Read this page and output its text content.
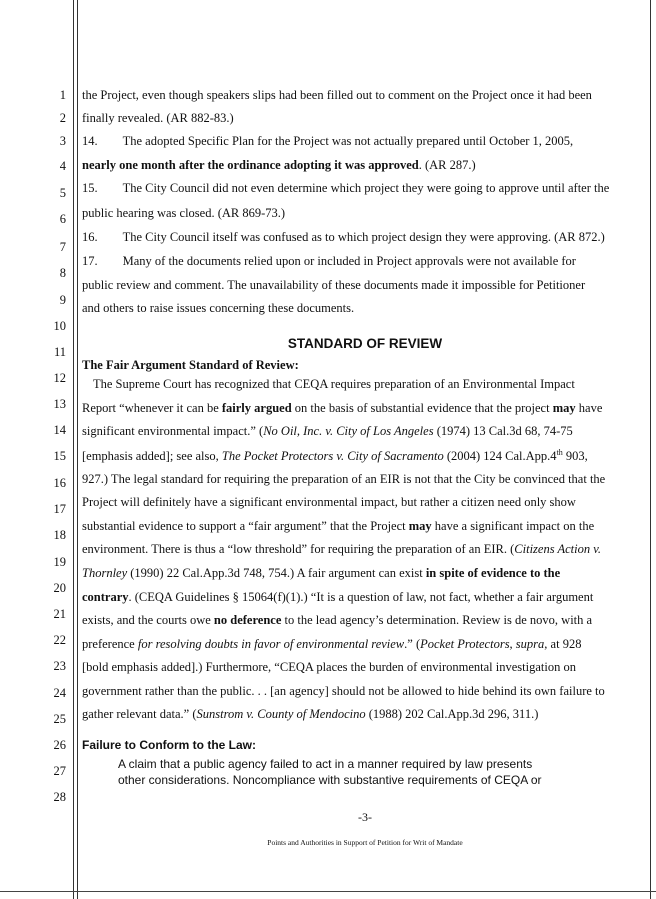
1
2
3
4
5
6
7
8
9
10
11
12
13
14
15
16
17
18
19
20
21
22
23
24
25
26
27
28
the Project, even though speakers slips had been filled out to comment on the Project once it had been
finally revealed. (AR 882-83.)
14.  The adopted Specific Plan for the Project was not actually prepared until October 1, 2005,
nearly one month after the ordinance adopting it was approved. (AR 287.)
15.  The City Council did not even determine which project they were going to approve until after the
public hearing was closed. (AR 869-73.)
16.  The City Council itself was confused as to which project design they were approving. (AR 872.)
17.  Many of the documents relied upon or included in Project approvals were not available for
public review and comment. The unavailability of these documents made it impossible for Petitioner
and others to raise issues concerning these documents.
STANDARD OF REVIEW
The Fair Argument Standard of Review:
The Supreme Court has recognized that CEQA requires preparation of an Environmental Impact
Report “whenever it can be fairly argued on the basis of substantial evidence that the project may have
significant environmental impact.” (No Oil, Inc. v. City of Los Angeles (1974) 13 Cal.3d 68, 74-75
[emphasis added]; see also, The Pocket Protectors v. City of Sacramento (2004) 124 Cal.App.4th 903,
927.) The legal standard for requiring the preparation of an EIR is not that the City be convinced that the
Project will definitely have a significant environmental impact, but rather a citizen need only show
substantial evidence to support a “fair argument” that the Project may have a significant impact on the
environment. There is thus a “low threshold” for requiring the preparation of an EIR. (Citizens Action v.
Thornley (1990) 22 Cal.App.3d 748, 754.) A fair argument can exist in spite of evidence to the
contrary. (CEQA Guidelines § 15064(f)(1).) “It is a question of law, not fact, whether a fair argument
exists, and the courts owe no deference to the lead agency’s determination. Review is de novo, with a
preference for resolving doubts in favor of environmental review.” (Pocket Protectors, supra, at 928
[bold emphasis added].) Furthermore, “CEQA places the burden of environmental investigation on
government rather than the public. . . [an agency] should not be allowed to hide behind its own failure to
gather relevant data.” (Sunstrom v. County of Mendocino (1988) 202 Cal.App.3d 296, 311.)
Failure to Conform to the Law:
A claim that a public agency failed to act in a manner required by law presents
other considerations. Noncompliance with substantive requirements of CEQA or
-3-
Points and Authorities in Support of Petition for Writ of Mandate
